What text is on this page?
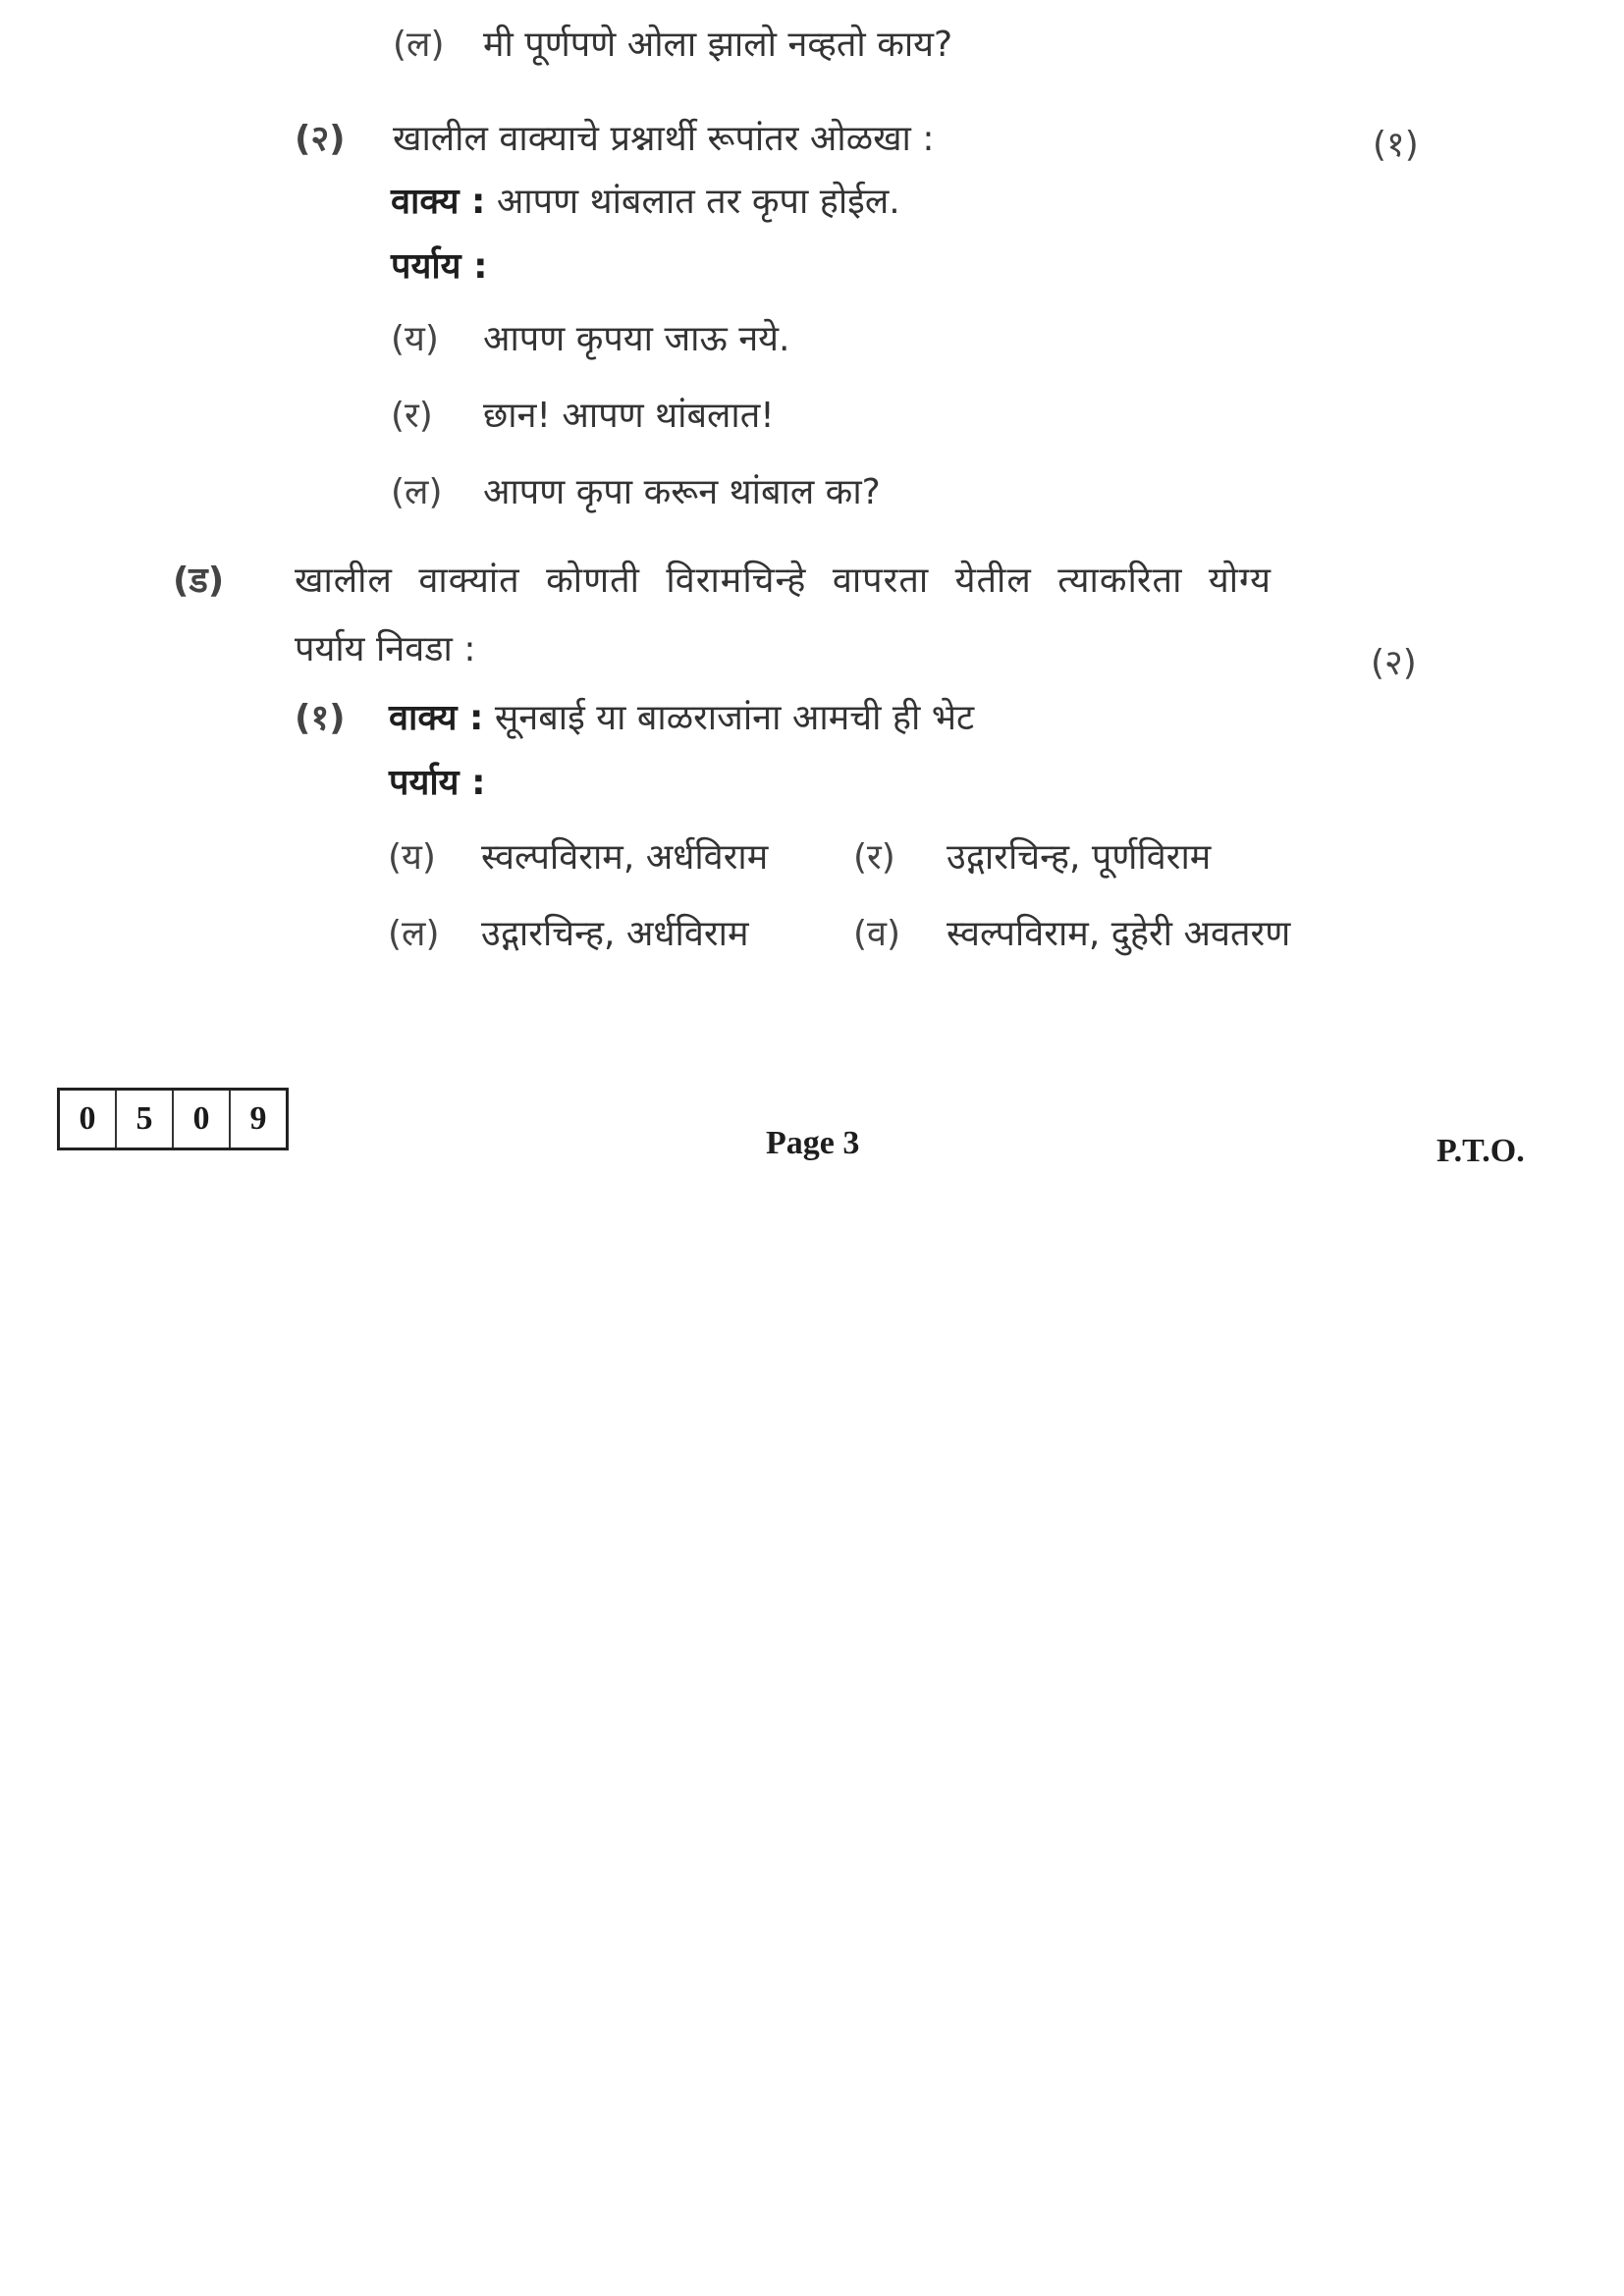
(ल) मी पूर्णपणे ओला झालो नव्हतो काय?
(२) खालील वाक्याचे प्रश्नार्थी रूपांतर ओळखा :	(१)
वाक्य : आपण थांबलात तर कृपा होईल.
पर्याय :
(य) आपण कृपया जाऊ नये.
(र) छान! आपण थांबलात!
(ल) आपण कृपा करून थांबाल का?
(ड) खालील वाक्यांत कोणती विरामचिन्हे वापरता येतील त्याकरिता योग्य
पर्याय निवडा :	(२)
(१) वाक्य : सूनबाई या बाळराजांना आमची ही भेट
पर्याय :
(य) स्वल्पविराम, अर्धविराम (र) उद्गारचिन्ह, पूर्णविराम
(ल) उद्गारचिन्ह, अर्धविराम	(व) स्वल्पविराम, दुहेरी अवतरण
0	5	0	9
Page 3	P.T.O.
